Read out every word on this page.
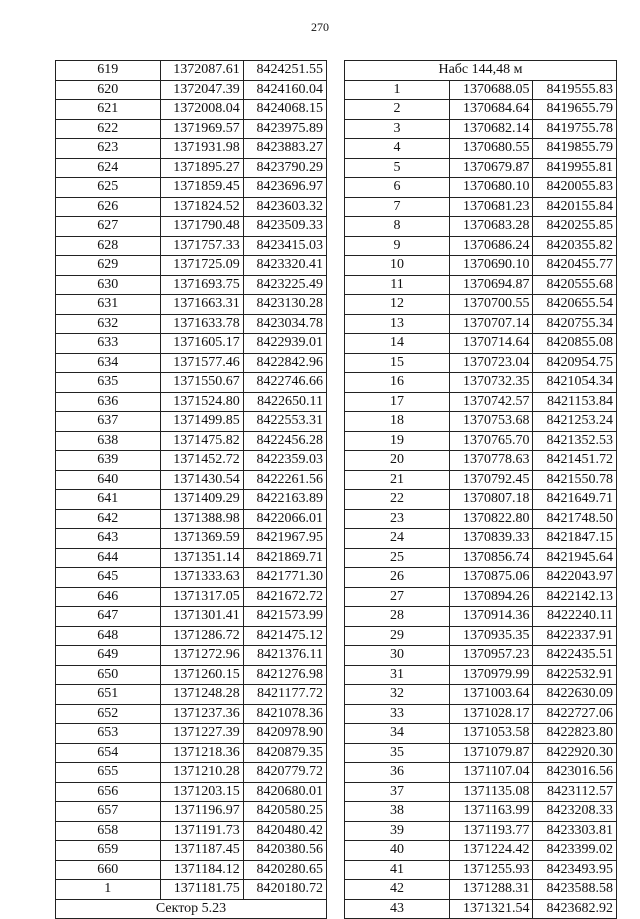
270
619	1372087.61	8424251.55
620	1372047.39	8424160.04
621	1372008.04	8424068.15
622	1371969.57	8423975.89
623	1371931.98	8423883.27
624	1371895.27	8423790.29
625	1371859.45	8423696.97
626	1371824.52	8423603.32
627	1371790.48	8423509.33
628	1371757.33	8423415.03
629	1371725.09	8423320.41
630	1371693.75	8423225.49
631	1371663.31	8423130.28
632	1371633.78	8423034.78
633	1371605.17	8422939.01
634	1371577.46	8422842.96
635	1371550.67	8422746.66
636	1371524.80	8422650.11
637	1371499.85	8422553.31
638	1371475.82	8422456.28
639	1371452.72	8422359.03
640	1371430.54	8422261.56
641	1371409.29	8422163.89
642	1371388.98	8422066.01
643	1371369.59	8421967.95
644	1371351.14	8421869.71
645	1371333.63	8421771.30
646	1371317.05	8421672.72
647	1371301.41	8421573.99
648	1371286.72	8421475.12
649	1371272.96	8421376.11
650	1371260.15	8421276.98
651	1371248.28	8421177.72
652	1371237.36	8421078.36
653	1371227.39	8420978.90
654	1371218.36	8420879.35
655	1371210.28	8420779.72
656	1371203.15	8420680.01
657	1371196.97	8420580.25
658	1371191.73	8420480.42
659	1371187.45	8420380.56
660	1371184.12	8420280.65
1	1371181.75	8420180.72
Сектор 5.23		
Набс 144,48 м		
1	1370688.05	8419555.83
2	1370684.64	8419655.79
3	1370682.14	8419755.78
4	1370680.55	8419855.79
5	1370679.87	8419955.81
6	1370680.10	8420055.83
7	1370681.23	8420155.84
8	1370683.28	8420255.85
9	1370686.24	8420355.82
10	1370690.10	8420455.77
11	1370694.87	8420555.68
12	1370700.55	8420655.54
13	1370707.14	8420755.34
14	1370714.64	8420855.08
15	1370723.04	8420954.75
16	1370732.35	8421054.34
17	1370742.57	8421153.84
18	1370753.68	8421253.24
19	1370765.70	8421352.53
20	1370778.63	8421451.72
21	1370792.45	8421550.78
22	1370807.18	8421649.71
23	1370822.80	8421748.50
24	1370839.33	8421847.15
25	1370856.74	8421945.64
26	1370875.06	8422043.97
27	1370894.26	8422142.13
28	1370914.36	8422240.11
29	1370935.35	8422337.91
30	1370957.23	8422435.51
31	1370979.99	8422532.91
32	1371003.64	8422630.09
33	1371028.17	8422727.06
34	1371053.58	8422823.80
35	1371079.87	8422920.30
36	1371107.04	8423016.56
37	1371135.08	8423112.57
38	1371163.99	8423208.33
39	1371193.77	8423303.81
40	1371224.42	8423399.02
41	1371255.93	8423493.95
42	1371288.31	8423588.58
43	1371321.54	8423682.92
